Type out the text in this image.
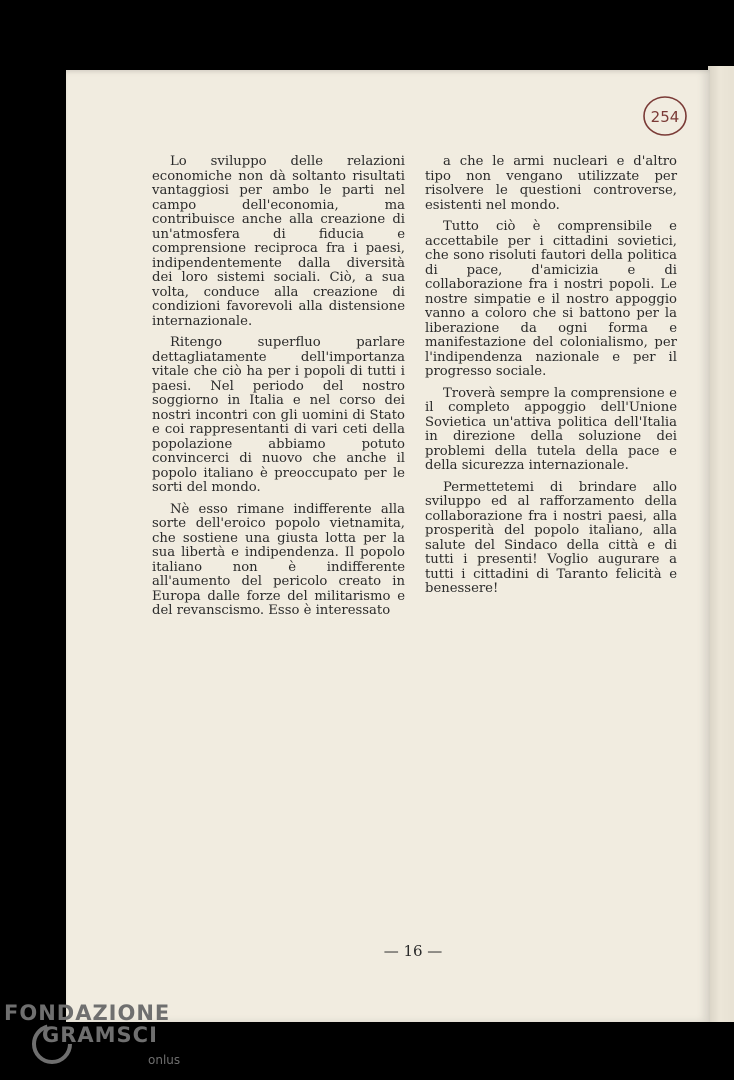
254

Lo sviluppo delle relazioni economiche non dà soltanto risultati vantaggiosi per ambo le parti nel campo dell'economia, ma contribuisce anche alla creazione di un'atmosfera di fiducia e comprensione reciproca fra i paesi, indipendentemente dalla diversità dei loro sistemi sociali. Ciò, a sua volta, conduce alla creazione di condizioni favorevoli alla distensione internazionale.

Ritengo superfluo parlare dettagliatamente dell'importanza vitale che ciò ha per i popoli di tutti i paesi. Nel periodo del nostro soggiorno in Italia e nel corso dei nostri incontri con gli uomini di Stato e coi rappresentanti di vari ceti della popolazione abbiamo potuto convincerci di nuovo che anche il popolo italiano è preoccupato per le sorti del mondo.

Nè esso rimane indifferente alla sorte dell'eroico popolo vietnamita, che sostiene una giusta lotta per la sua libertà e indipendenza. Il popolo italiano non è indifferente all'aumento del pericolo creato in Europa dalle forze del militarismo e del revanscismo. Esso è interessato

a che le armi nucleari e d'altro tipo non vengano utilizzate per risolvere le questioni controverse, esistenti nel mondo.

Tutto ciò è comprensibile e accettabile per i cittadini sovietici, che sono risoluti fautori della politica di pace, d'amicizia e di collaborazione fra i nostri popoli. Le nostre simpatie e il nostro appoggio vanno a coloro che si battono per la liberazione da ogni forma e manifestazione del colonialismo, per l'indipendenza nazionale e per il progresso sociale.

Troverà sempre la comprensione e il completo appoggio dell'Unione Sovietica un'attiva politica dell'Italia in direzione della soluzione dei problemi della tutela della pace e della sicurezza internazionale.

Permettetemi di brindare allo sviluppo ed al rafforzamento della collaborazione fra i nostri paesi, alla prosperità del popolo italiano, alla salute del Sindaco della città e di tutti i presenti! Voglio augurare a tutti i cittadini di Taranto felicità e benessere!

— 16 —
FONDAZIONE
GRAMSCI
onlus
